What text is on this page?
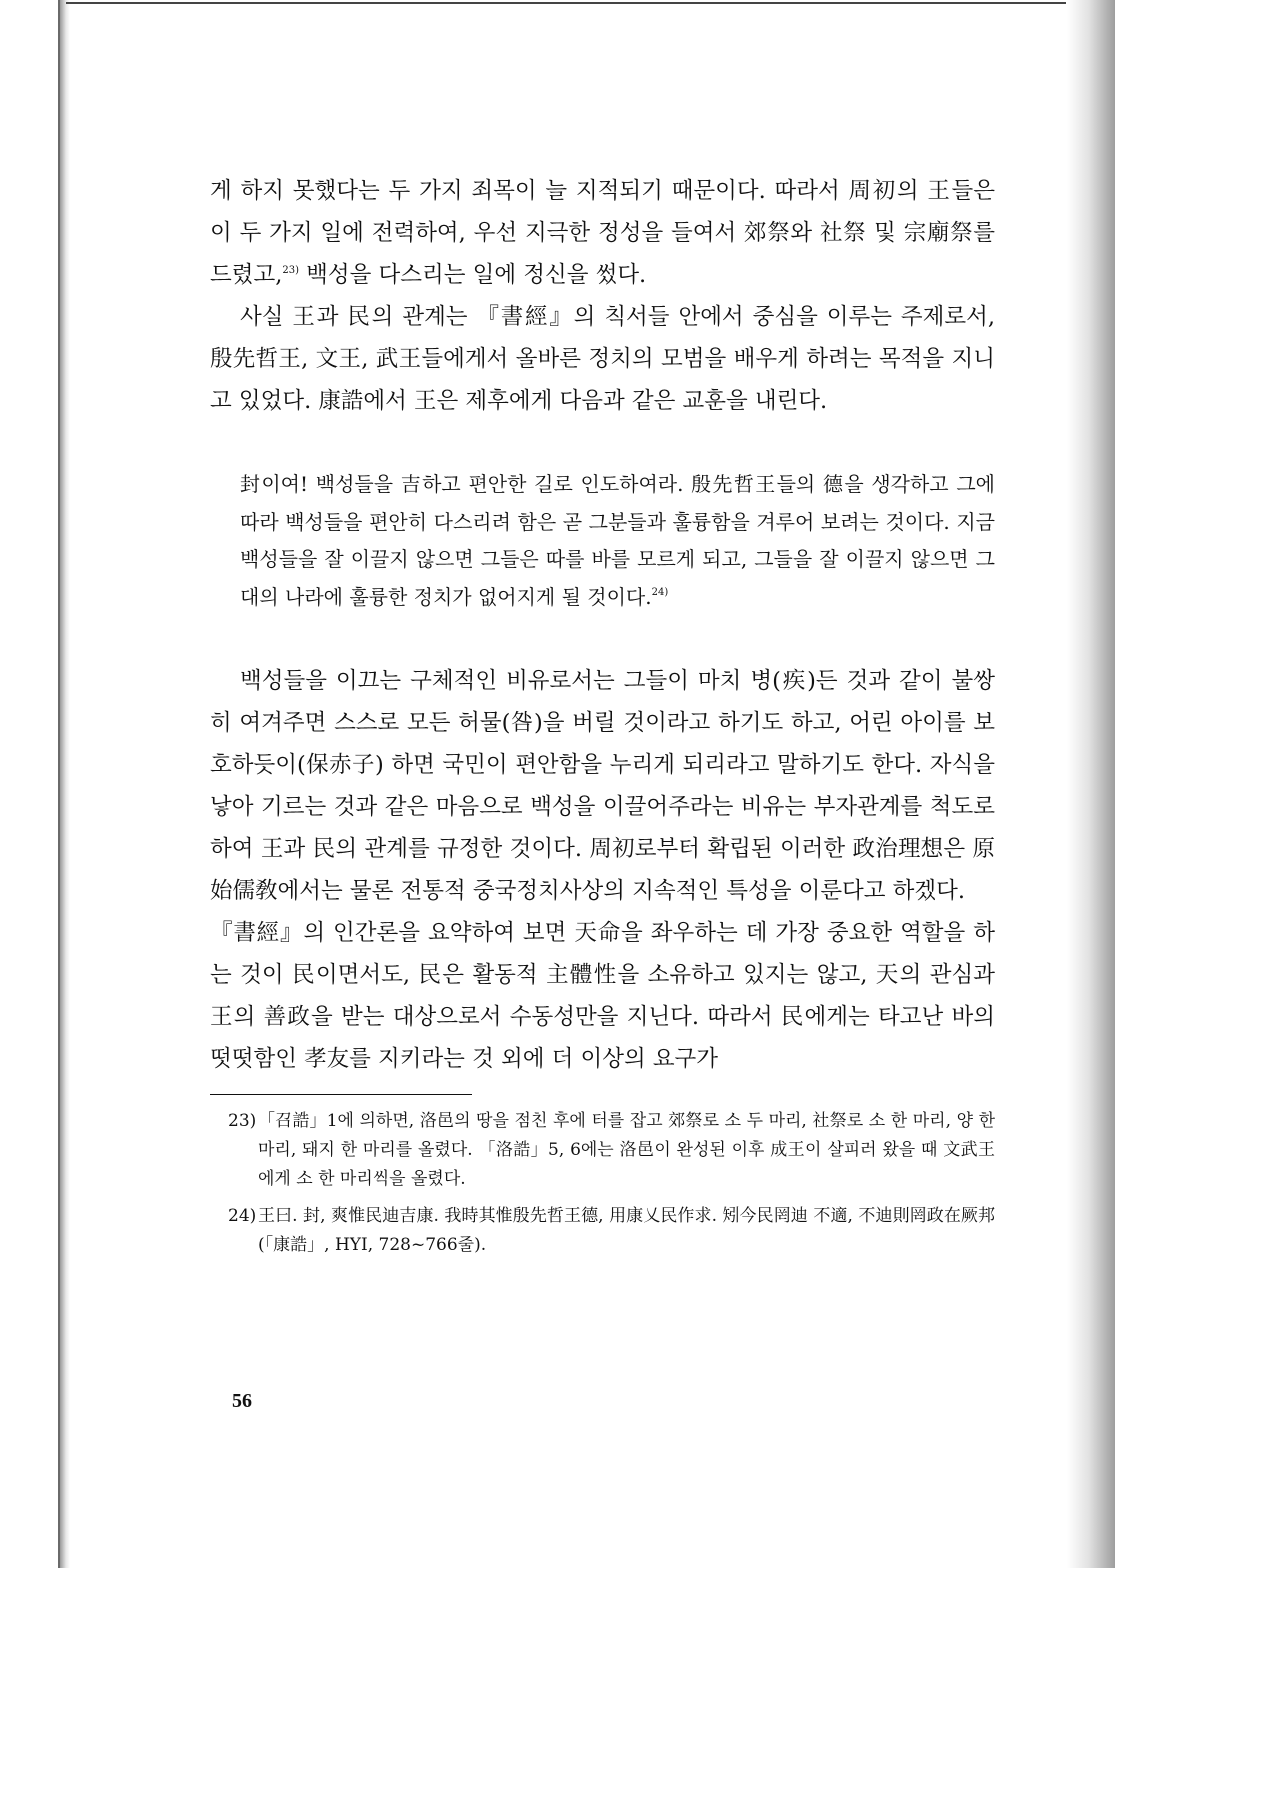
게 하지 못했다는 두 가지 죄목이 늘 지적되기 때문이다. 따라서 周初의 王들은 이 두 가지 일에 전력하여, 우선 지극한 정성을 들여서 郊祭와 社祭 및 宗廟祭를 드렸고,$^{23)}$ 백성을 다스리는 일에 정신을 썼다.

사실 王과 民의 관계는 『書經』의 칙서들 안에서 중심을 이루는 주제로서, 殷先哲王, 文王, 武王들에게서 올바른 정치의 모범을 배우게 하려는 목적을 지니고 있었다. 康誥에서 王은 제후에게 다음과 같은 교훈을 내린다.

封이여! 백성들을 吉하고 편안한 길로 인도하여라. 殷先哲王들의 德을 생각하고 그에 따라 백성들을 편안히 다스리려 함은 곧 그분들과 훌륭함을 겨루어 보려는 것이다. 지금 백성들을 잘 이끌지 않으면 그들은 따를 바를 모르게 되고, 그들을 잘 이끌지 않으면 그대의 나라에 훌륭한 정치가 없어지게 될 것이다.$^{24)}$

백성들을 이끄는 구체적인 비유로서는 그들이 마치 병(疾)든 것과 같이 불쌍히 여겨주면 스스로 모든 허물(咎)을 버릴 것이라고 하기도 하고, 어린 아이를 보호하듯이(保赤子) 하면 국민이 편안함을 누리게 되리라고 말하기도 한다. 자식을 낳아 기르는 것과 같은 마음으로 백성을 이끌어주라는 비유는 부자관계를 척도로 하여 王과 民의 관계를 규정한 것이다. 周初로부터 확립된 이러한 政治理想은 原始儒敎에서는 물론 전통적 중국정치사상의 지속적인 특성을 이룬다고 하겠다.

『書經』의 인간론을 요약하여 보면 天命을 좌우하는 데 가장 중요한 역할을 하는 것이 民이면서도, 民은 활동적 主體性을 소유하고 있지는 않고, 天의 관심과 王의 善政을 받는 대상으로서 수동성만을 지닌다. 따라서 民에게는 타고난 바의 떳떳함인 孝友를 지키라는 것 외에 더 이상의 요구가

23) 「召誥」1에 의하면, 洛邑의 땅을 점친 후에 터를 잡고 郊祭로 소 두 마리, 社祭로 소 한 마리, 양 한 마리, 돼지 한 마리를 올렸다. 「洛誥」5, 6에는 洛邑이 완성된 이후 成王이 살피러 왔을 때 文武王에게 소 한 마리씩을 올렸다.
24) 王曰. 封, 爽惟民迪吉康. 我時其惟殷先哲王德, 用康乂民作求. 矧今民罔迪 不適, 不迪則罔政在厥邦(「康誥」, HYI, 728~766줄).
56
